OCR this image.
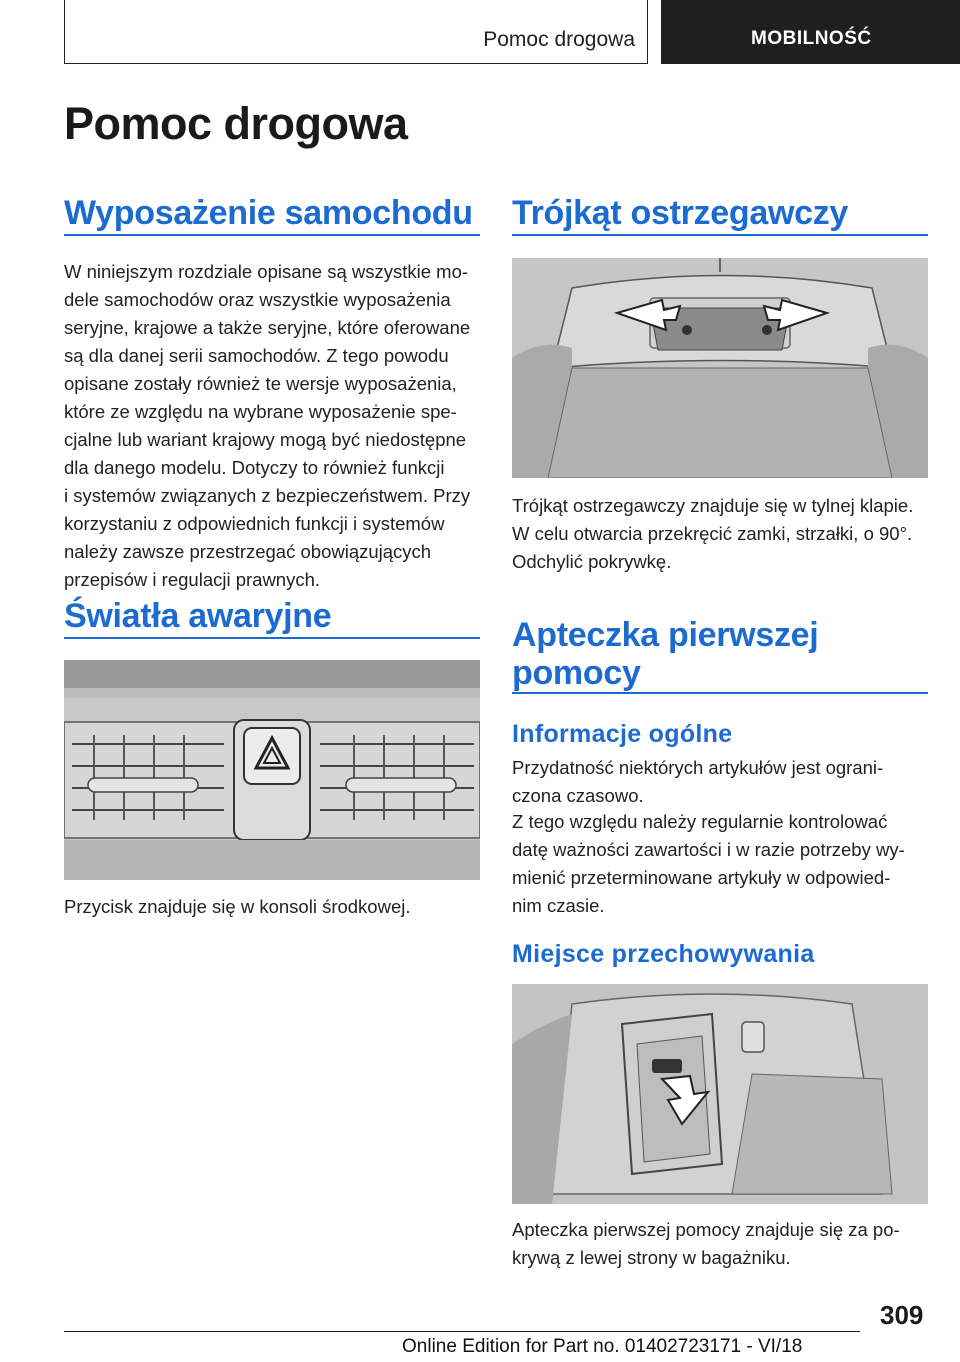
Pomoc drogowa	MOBILNOŚĆ
Pomoc drogowa
Wyposażenie samochodu

W niniejszym rozdziale opisane są wszystkie mo-
dele samochodów oraz wszystkie wyposażenia
seryjne, krajowe a także seryjne, które oferowane
są dla danej serii samochodów. Z tego powodu
opisane zostały również te wersje wyposażenia,
które ze względu na wybrane wyposażenie spe-
cjalne lub wariant krajowy mogą być niedostępne
dla danego modelu. Dotyczy to również funkcji
i systemów związanych z bezpieczeństwem. Przy
korzystaniu z odpowiednich funkcji i systemów
należy zawsze przestrzegać obowiązujących
przepisów i regulacji prawnych.

Światła awaryjne

Przycisk znajduje się w konsoli środkowej.

Trójkąt ostrzegawczy

Trójkąt ostrzegawczy znajduje się w tylnej klapie.
W celu otwarcia przekręcić zamki, strzałki, o 90°.
Odchylić pokrywkę.

Apteczka pierwszej
pomocy
Informacje ogólne

Przydatność niektórych artykułów jest ograni-
czona czasowo.

Z tego względu należy regularnie kontrolować
datę ważności zawartości i w razie potrzeby wy-
mienić przeterminowane artykuły w odpowied-
nim czasie.

Miejsce przechowywania

Apteczka pierwszej pomocy znajduje się za po-
krywą z lewej strony w bagażniku.

309
Online Edition for Part no. 01402723171 - VI/18
